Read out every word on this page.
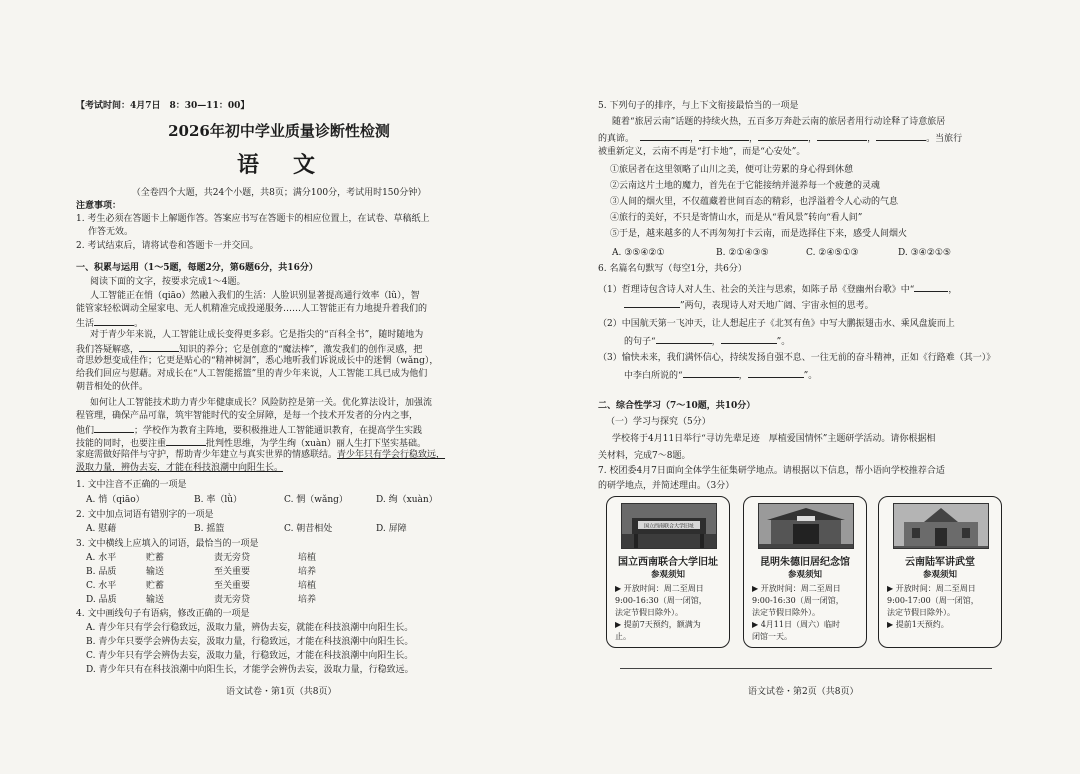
【考试时间：4月7日　8：30—11：00】
2026年初中学业质量诊断性检测
语　文
（全卷四个大题，共24个小题，共8页；满分100分，考试用时150分钟）
注意事项：
1. 考生必须在答题卡上解题作答。答案应书写在答题卡的相应位置上，在试卷、草稿纸上
作答无效。
2. 考试结束后，请将试卷和答题卡一并交回。
一、积累与运用（1～5题，每题2分，第6题6分，共16分）
阅读下面的文字，按要求完成1～4题。
人工智能正在悄（qiāo）然融入我们的生活：人脸识别显著提高通行效率（lǜ），智
能管家轻松调动全屋家电、无人机精准完成投递服务……人工智能正有力地提升着我们的
生活	。
对于青少年来说，人工智能让成长变得更多彩。它是指尖的“百科全书”，随时随地为
我们答疑解惑，	知识的养分；它是创意的“魔法棒”，激发我们的创作灵感，把
奇思妙想变成佳作；它更是贴心的“精神树洞”，悉心地听我们诉说成长中的迷惘（wǎng），
给我们回应与慰藉。对成长在“人工智能摇篮”里的青少年来说，人工智能工具已成为他们
朝昔相处的伙伴。
如何让人工智能技术助力青少年健康成长？风险防控是第一关。优化算法设计，加强流
程管理，确保产品可靠，筑牢智能时代的安全屏障，是每一个技术开发者的分内之事，
他们	；学校作为教育主阵地，要积极推进人工智能通识教育，在提高学生实践
技能的同时，也要注重	批判性思维，为学生绚（xuàn）丽人生打下坚实基础。
家庭需做好陪伴与守护，帮助青少年建立与真实世界的情感联结。青少年只有学会行稳致远，
汲取力量，辨伪去妄，才能在科技浪潮中向阳生长。
1. 文中注音不正确的一项是
A. 悄（qiāo）	B. 率（lǜ）	C. 惘（wǎng）	D. 绚（xuàn）
2. 文中加点词语有错别字的一项是
A. 慰藉	B. 摇篮	C. 朝昔相处	D. 屏障
3. 文中横线上应填入的词语，最恰当的一项是
A. 水平	贮蓄	责无旁贷	培植
B. 品质	输送	至关重要	培养
C. 水平	贮蓄	至关重要	培植
D. 品质	输送	责无旁贷	培养
4. 文中画线句子有语病，修改正确的一项是
A. 青少年只有学会行稳致远，汲取力量，辨伪去妄，就能在科技浪潮中向阳生长。
B. 青少年只要学会辨伪去妄，汲取力量，行稳致远，才能在科技浪潮中向阳生长。
C. 青少年只有学会辨伪去妄，汲取力量，行稳致远，才能在科技浪潮中向阳生长。
D. 青少年只有在科技浪潮中向阳生长，才能学会辨伪去妄，汲取力量，行稳致远。
语文试卷・第1页（共8页）
5. 下列句子的排序，与上下文衔接最恰当的一项是
随着“旅居云南”话题的持续火热，五百多万奔赴云南的旅居者用行动诠释了诗意旅居
的真谛。	，	，	，	，	。当旅行
被重新定义，云南不再是“打卡地”，而是“心安处”。
①旅居者在这里领略了山川之美，便可让劳累的身心得到休憩
②云南这片土地的魔力，首先在于它能接纳并滋养每一个疲惫的灵魂
③人间的烟火里，不仅蕴藏着世间百态的精彩，也浮溢着令人心动的气息
④旅行的美好，不只是寄情山水，而是从“看风景”转向“看人间”
⑤于是，越来越多的人不再匆匆打卡云南，而是选择住下来，感受人间烟火
A. ③⑤④②①	B. ②①④③⑤	C. ②④⑤①③	D. ③④②①⑤
6. 名篇名句默写（每空1分，共6分）
（1）哲理诗包含诗人对人生、社会的关注与思索，如陈子昂《登幽州台歌》中“	，
”两句，表现诗人对天地广阔、宇宙永恒的思考。
（2）中国航天第一飞冲天，让人想起庄子《北冥有鱼》中写大鹏振翅击水、乘风盘旋而上
的句子“	，	”。
（3）愉快未来，我们满怀信心，持续发扬自强不息、一往无前的奋斗精神，正如《行路难（其一）》
中李白所说的“	，	”。
二、综合性学习（7～10题，共10分）
（一）学习与探究（5分）
学校将于4月11日举行“寻访先辈足迹　厚植爱国情怀”主题研学活动。请你根据相
关材料，完成7～8题。
7. 校团委4月7日面向全体学生征集研学地点。请根据以下信息，帮小语向学校推荐合适
的研学地点，并简述理由。（3分）
语文试卷・第2页（共8页）
国立西南联合大学旧址
国立西南联合大学旧址
参观须知
▶ 开放时间：周二至周日
9:00-16:30（周一闭馆，
法定节假日除外）。
▶ 提前7天预约，额满为
止。
昆明朱德旧居纪念馆
参观须知
▶ 开放时间：周二至周日
9:00-16:30（周一闭馆，
法定节假日除外）。
▶ 4月11日（周六）临时
闭馆一天。
云南陆军讲武堂
参观须知
▶ 开放时间：周二至周日
9:00-17:00（周一闭馆，
法定节假日除外）。
▶ 提前1天预约。
